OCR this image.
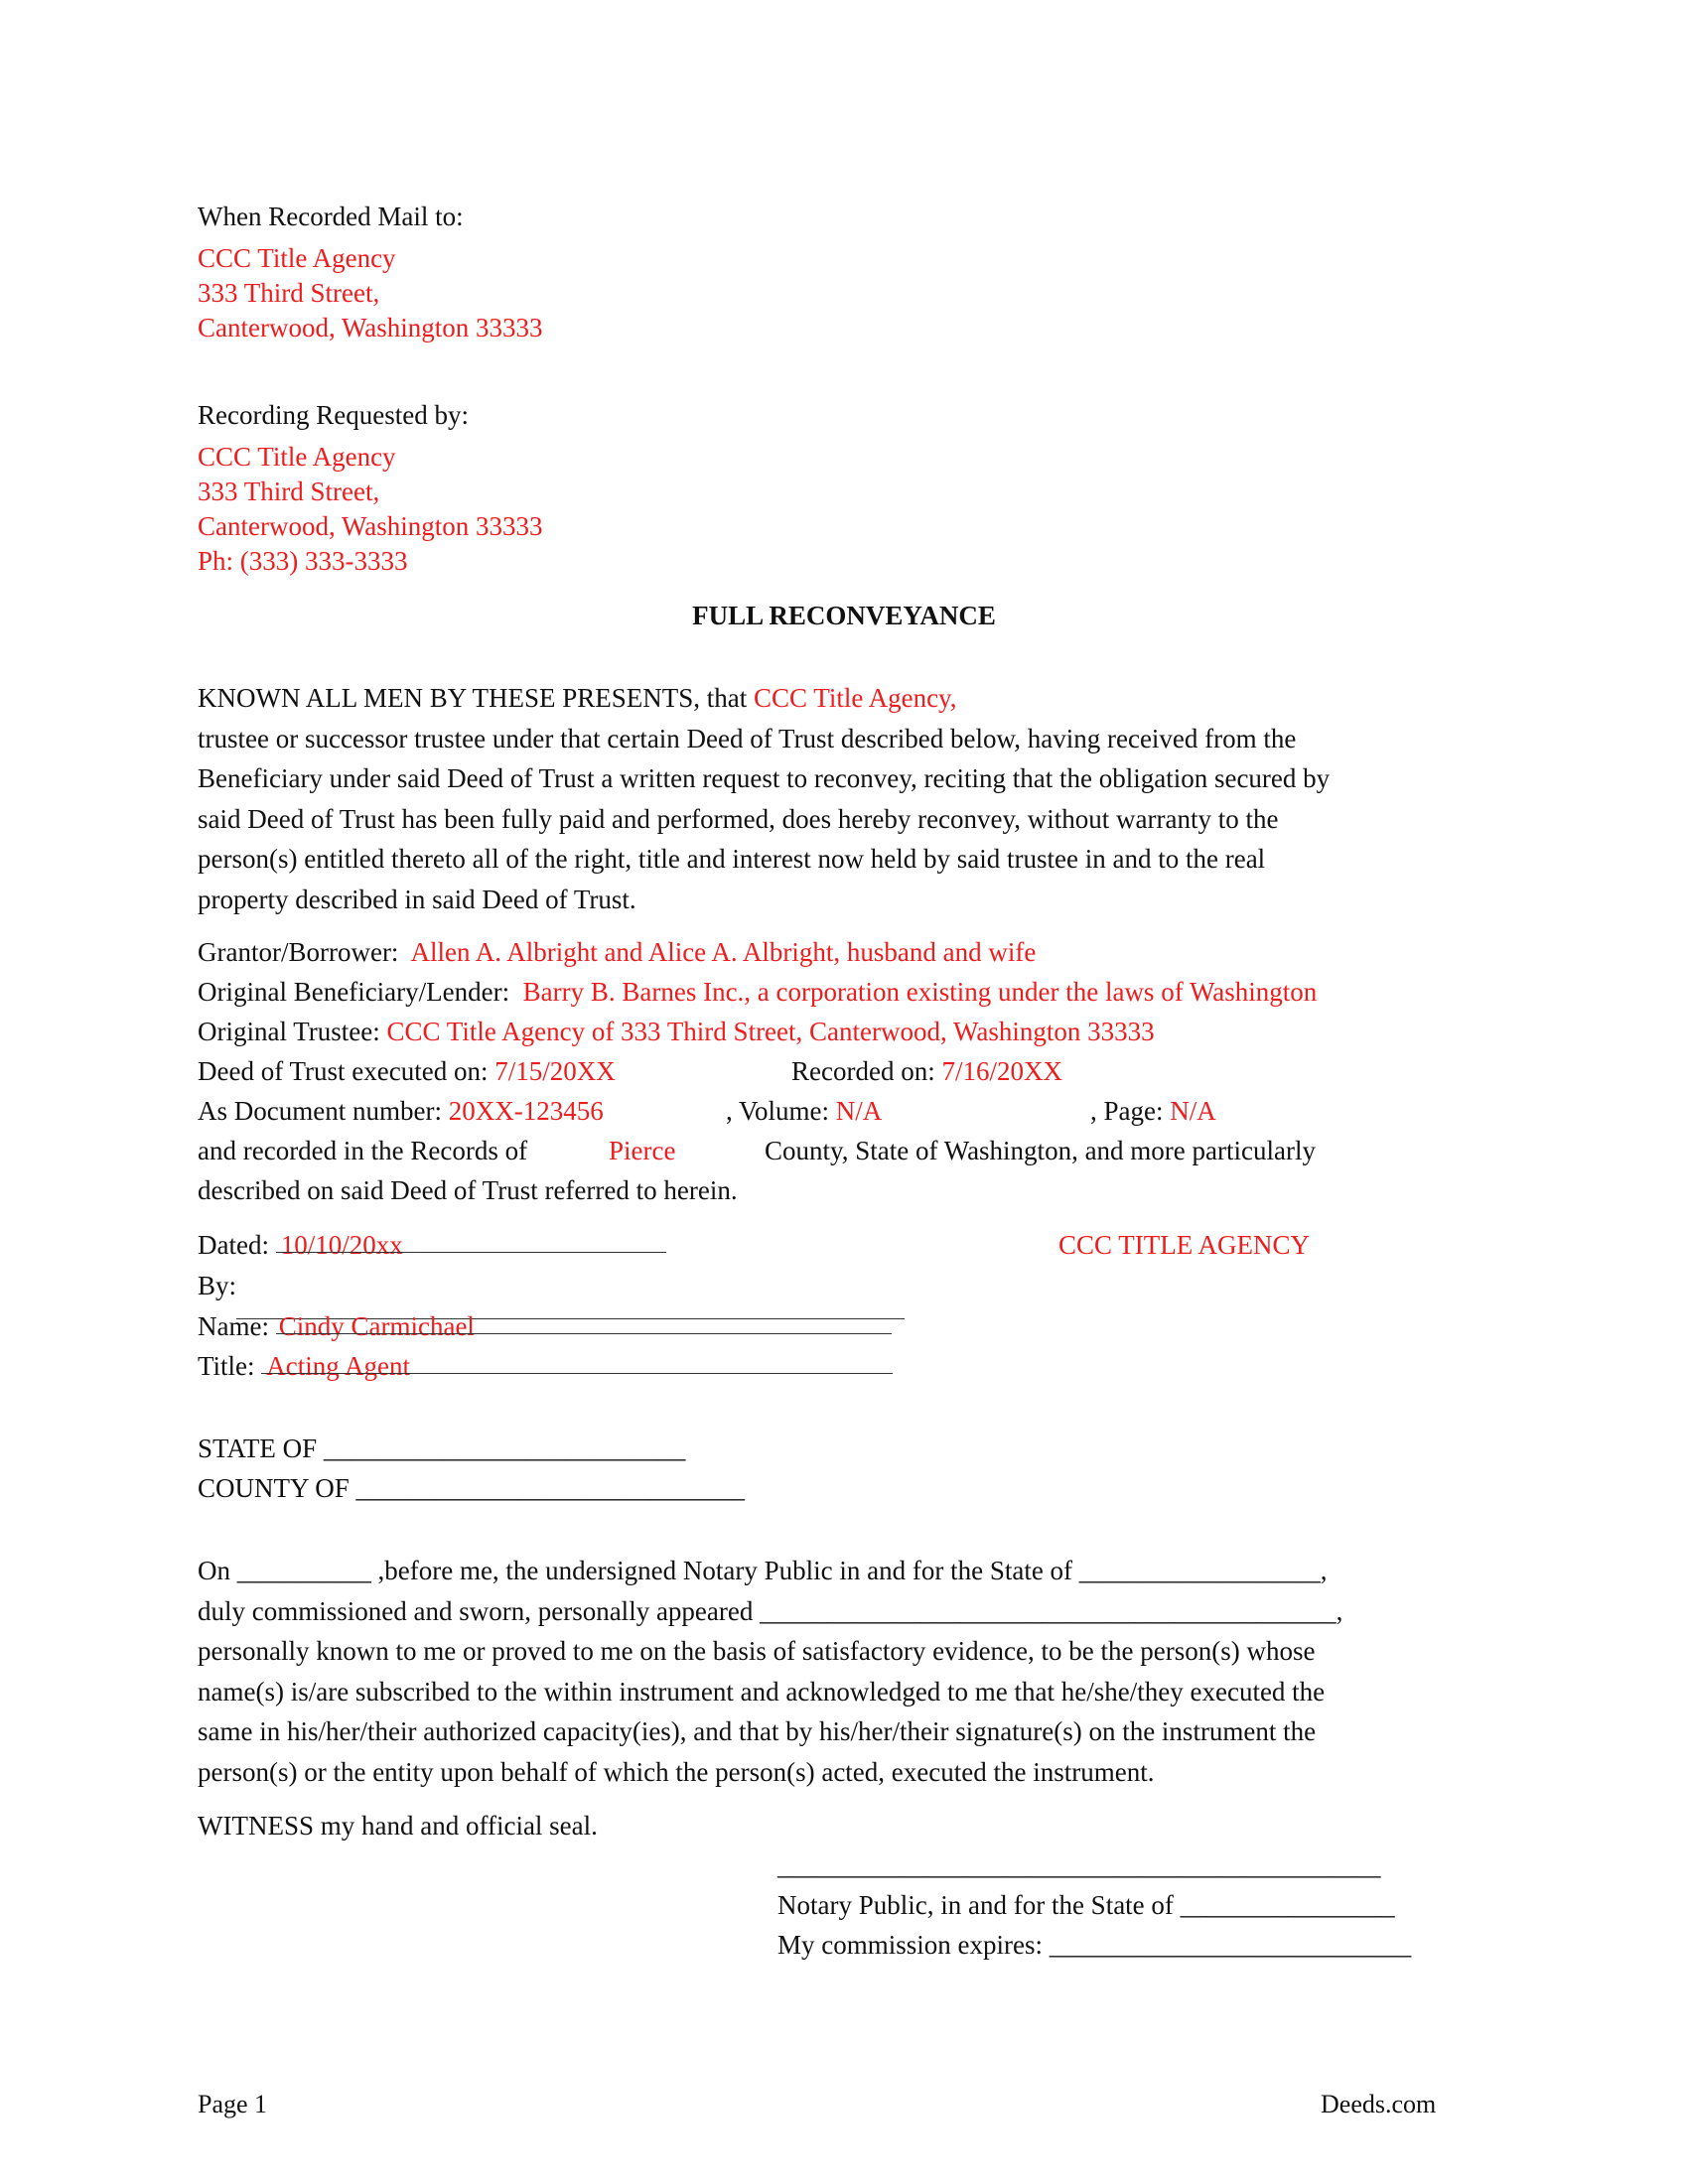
When Recorded Mail to:
CCC Title Agency
333 Third Street,
Canterwood, Washington 33333
Recording Requested by:
CCC Title Agency
333 Third Street,
Canterwood, Washington 33333
Ph: (333) 333-3333
FULL RECONVEYANCE
KNOWN ALL MEN BY THESE PRESENTS, that CCC Title Agency,
trustee or successor trustee under that certain Deed of Trust described below, having received from the
Beneficiary under said Deed of Trust a written request to reconvey, reciting that the obligation secured by
said Deed of Trust has been fully paid and performed, does hereby reconvey, without warranty to the
person(s) entitled thereto all of the right, title and interest now held by said trustee in and to the real
property described in said Deed of Trust.
Grantor/Borrower: Allen A. Albright and Alice A. Albright, husband and wife
Original Beneficiary/Lender: Barry B. Barnes Inc., a corporation existing under the laws of Washington
Original Trustee: CCC Title Agency of 333 Third Street, Canterwood, Washington 33333
Deed of Trust executed on: 7/15/20XX	Recorded on: 7/16/20XX
As Document number: 20XX-123456	, Volume: N/A	, Page: N/A
and recorded in the Records of	Pierce	County, State of Washington, and more particularly
described on said Deed of Trust referred to herein.
Dated: 10/10/20xx	CCC TITLE AGENCY
By:
Name: Cindy Carmichael
Title: Acting Agent
STATE OF ___________________________
COUNTY OF _____________________________
On __________ ,before me, the undersigned Notary Public in and for the State of __________________,
duly commissioned and sworn, personally appeared ___________________________________________,
personally known to me or proved to me on the basis of satisfactory evidence, to be the person(s) whose
name(s) is/are subscribed to the within instrument and acknowledged to me that he/she/they executed the
same in his/her/their authorized capacity(ies), and that by his/her/their signature(s) on the instrument the
person(s) or the entity upon behalf of which the person(s) acted, executed the instrument.
WITNESS my hand and official seal.
_____________________________________________
Notary Public, in and for the State of ________________
My commission expires: ___________________________
Page 1	Deeds.com
